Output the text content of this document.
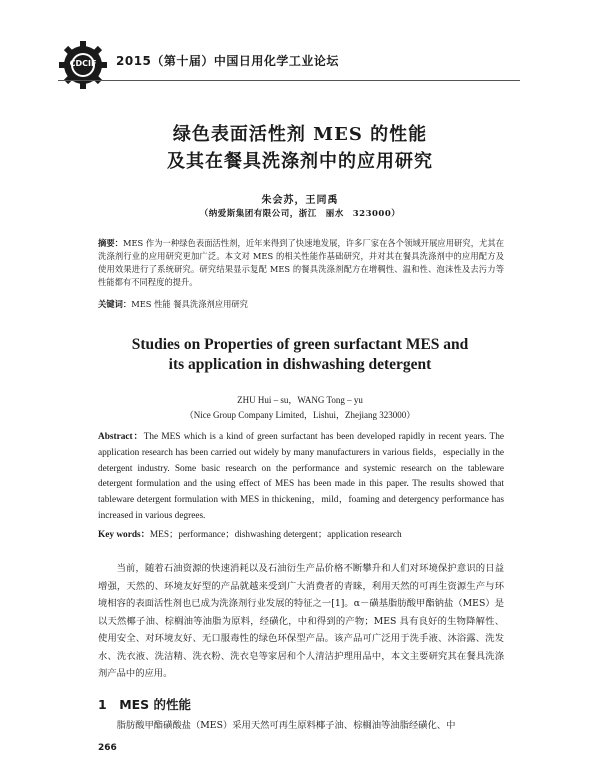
CDCIF 2015（第十届）中国日用化学工业论坛
绿色表面活性剂 MES 的性能
及其在餐具洗涤剂中的应用研究
朱会苏，王同禹
（纳爱斯集团有限公司，浙江　丽水　323000）
摘要：MES 作为一种绿色表面活性剂，近年来得到了快速地发展，许多厂家在各个领域开展应用研究，尤其在洗涤剂行业的应用研究更加广泛。本文对 MES 的相关性能作基础研究，并对其在餐具洗涤剂中的应用配方及使用效果进行了系统研究。研究结果显示复配 MES 的餐具洗涤剂配方在增稠性、温和性、泡沫性及去污力等性能都有不同程度的提升。
关键词：MES 性能 餐具洗涤剂应用研究
Studies on Properties of green surfactant MES and
its application in dishwashing detergent
ZHU Hui – su，WANG Tong – yu
（Nice Group Company Limited，Lishui，Zhejiang 323000）
Abstract：The MES which is a kind of green surfactant has been developed rapidly in recent years. The application research has been carried out widely by many manufacturers in various fields，especially in the detergent industry. Some basic research on the performance and systemic research on the tableware detergent formulation and the using effect of MES has been made in this paper. The results showed that tableware detergent formulation with MES in thickening，mild，foaming and detergency performance has increased in various degrees.
Key words：MES；performance；dishwashing detergent；application research
当前，随着石油资源的快速消耗以及石油衍生产品价格不断攀升和人们对环境保护意识的日益增强，天然的、环境友好型的产品就越来受到广大消费者的青睐，利用天然的可再生资源生产与环境相容的表面活性剂也已成为洗涤剂行业发展的特征之一[1]。α－磺基脂肪酸甲酯钠盐（MES）是以天然椰子油、棕榈油等油脂为原料，经磺化，中和得到的产物；MES 具有良好的生物降解性、使用安全、对环境友好、无口服毒性的绿色环保型产品。该产品可广泛用于洗手液、沐浴露、洗发水、洗衣液、洗洁精、洗衣粉、洗衣皂等家居和个人清洁护理用品中，本文主要研究其在餐具洗涤剂产品中的应用。
1　MES 的性能
脂肪酸甲酯磺酸盐（MES）采用天然可再生原料椰子油、棕榈油等油脂经磺化、中
266
